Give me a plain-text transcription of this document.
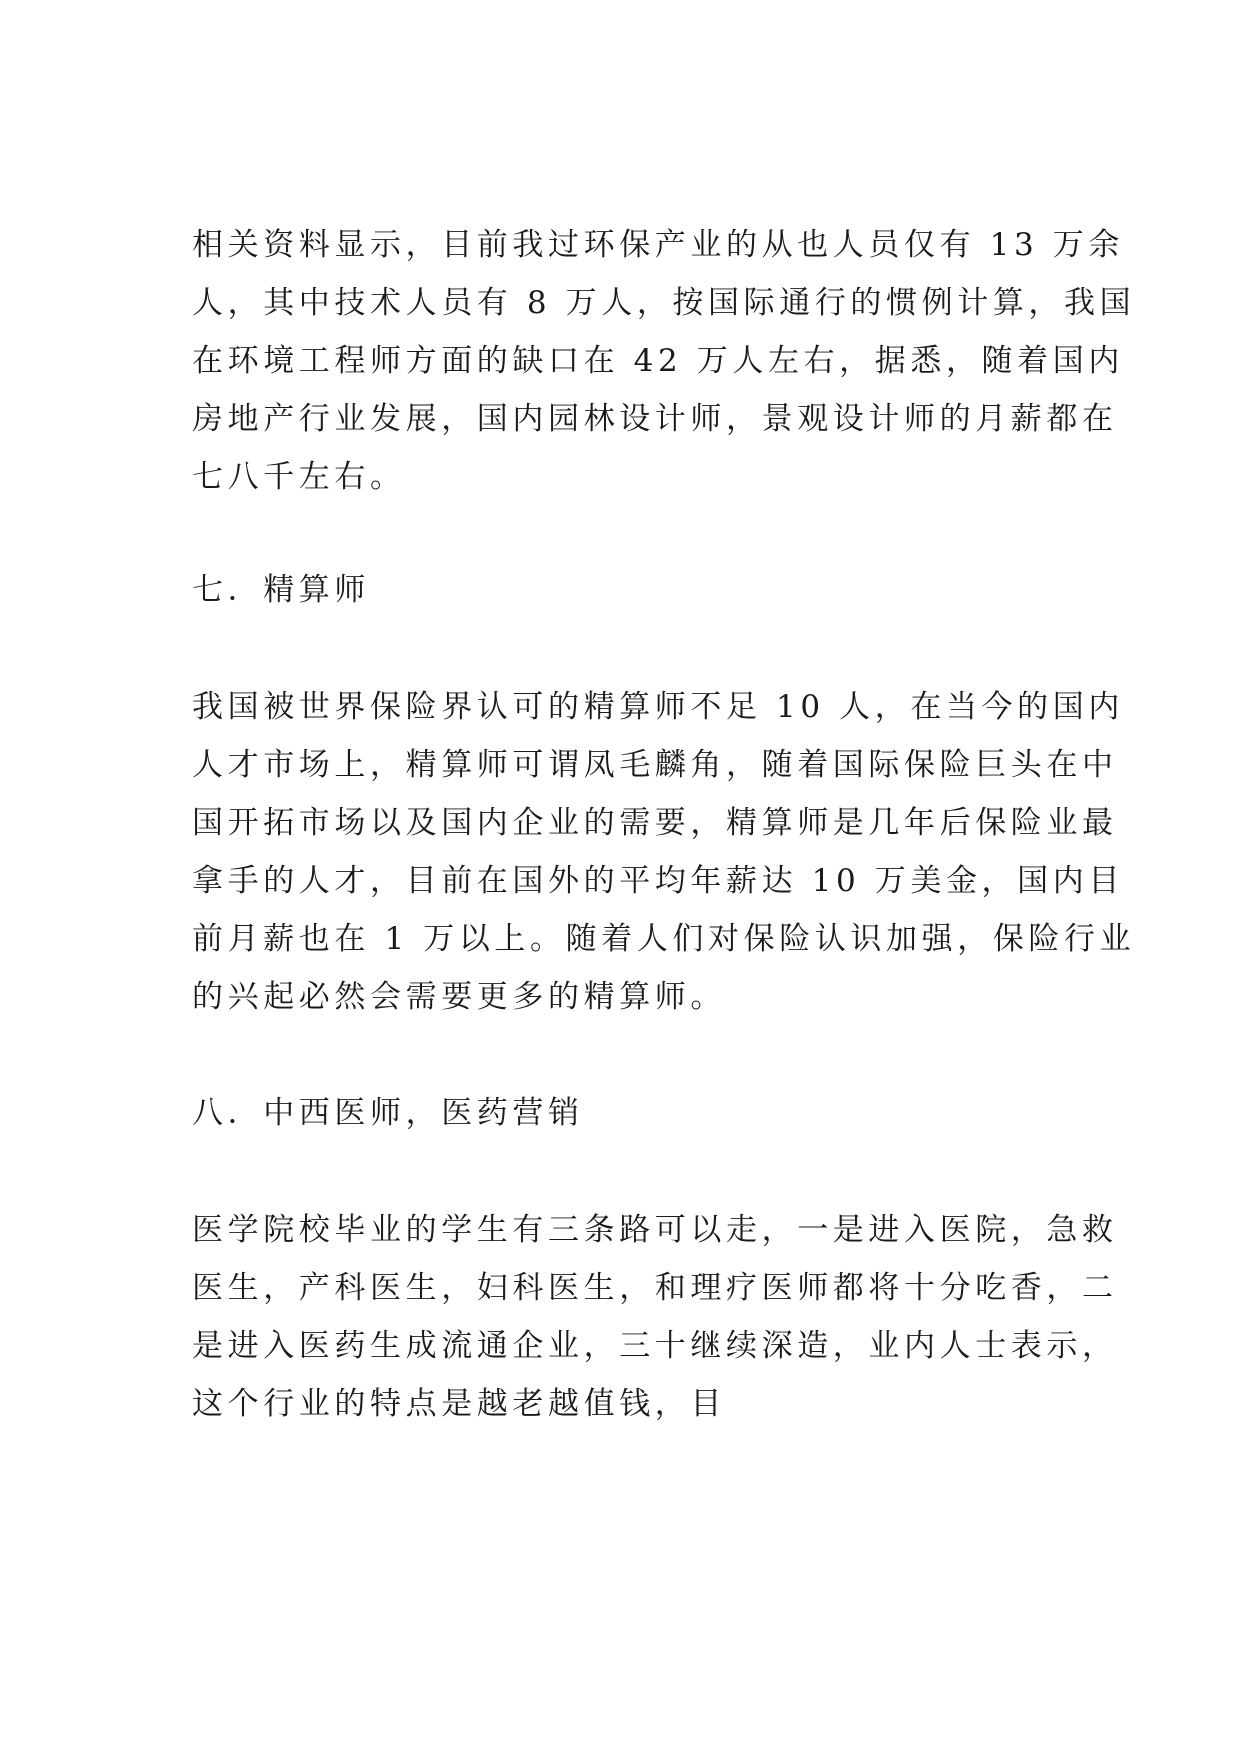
相关资料显示，目前我过环保产业的从也人员仅有 13 万余
人，其中技术人员有 8 万人，按国际通行的惯例计算，我国
在环境工程师方面的缺口在 42 万人左右，据悉，随着国内
房地产行业发展，国内园林设计师，景观设计师的月薪都在
七八千左右。
七．精算师
我国被世界保险界认可的精算师不足 10 人，在当今的国内
人才市场上，精算师可谓凤毛麟角，随着国际保险巨头在中
国开拓市场以及国内企业的需要，精算师是几年后保险业最
拿手的人才，目前在国外的平均年薪达 10 万美金，国内目
前月薪也在 1 万以上。随着人们对保险认识加强，保险行业
的兴起必然会需要更多的精算师。
八．中西医师，医药营销
医学院校毕业的学生有三条路可以走，一是进入医院，急救
医生，产科医生，妇科医生，和理疗医师都将十分吃香，二
是进入医药生成流通企业，三十继续深造，业内人士表示，
这个行业的特点是越老越值钱，目
